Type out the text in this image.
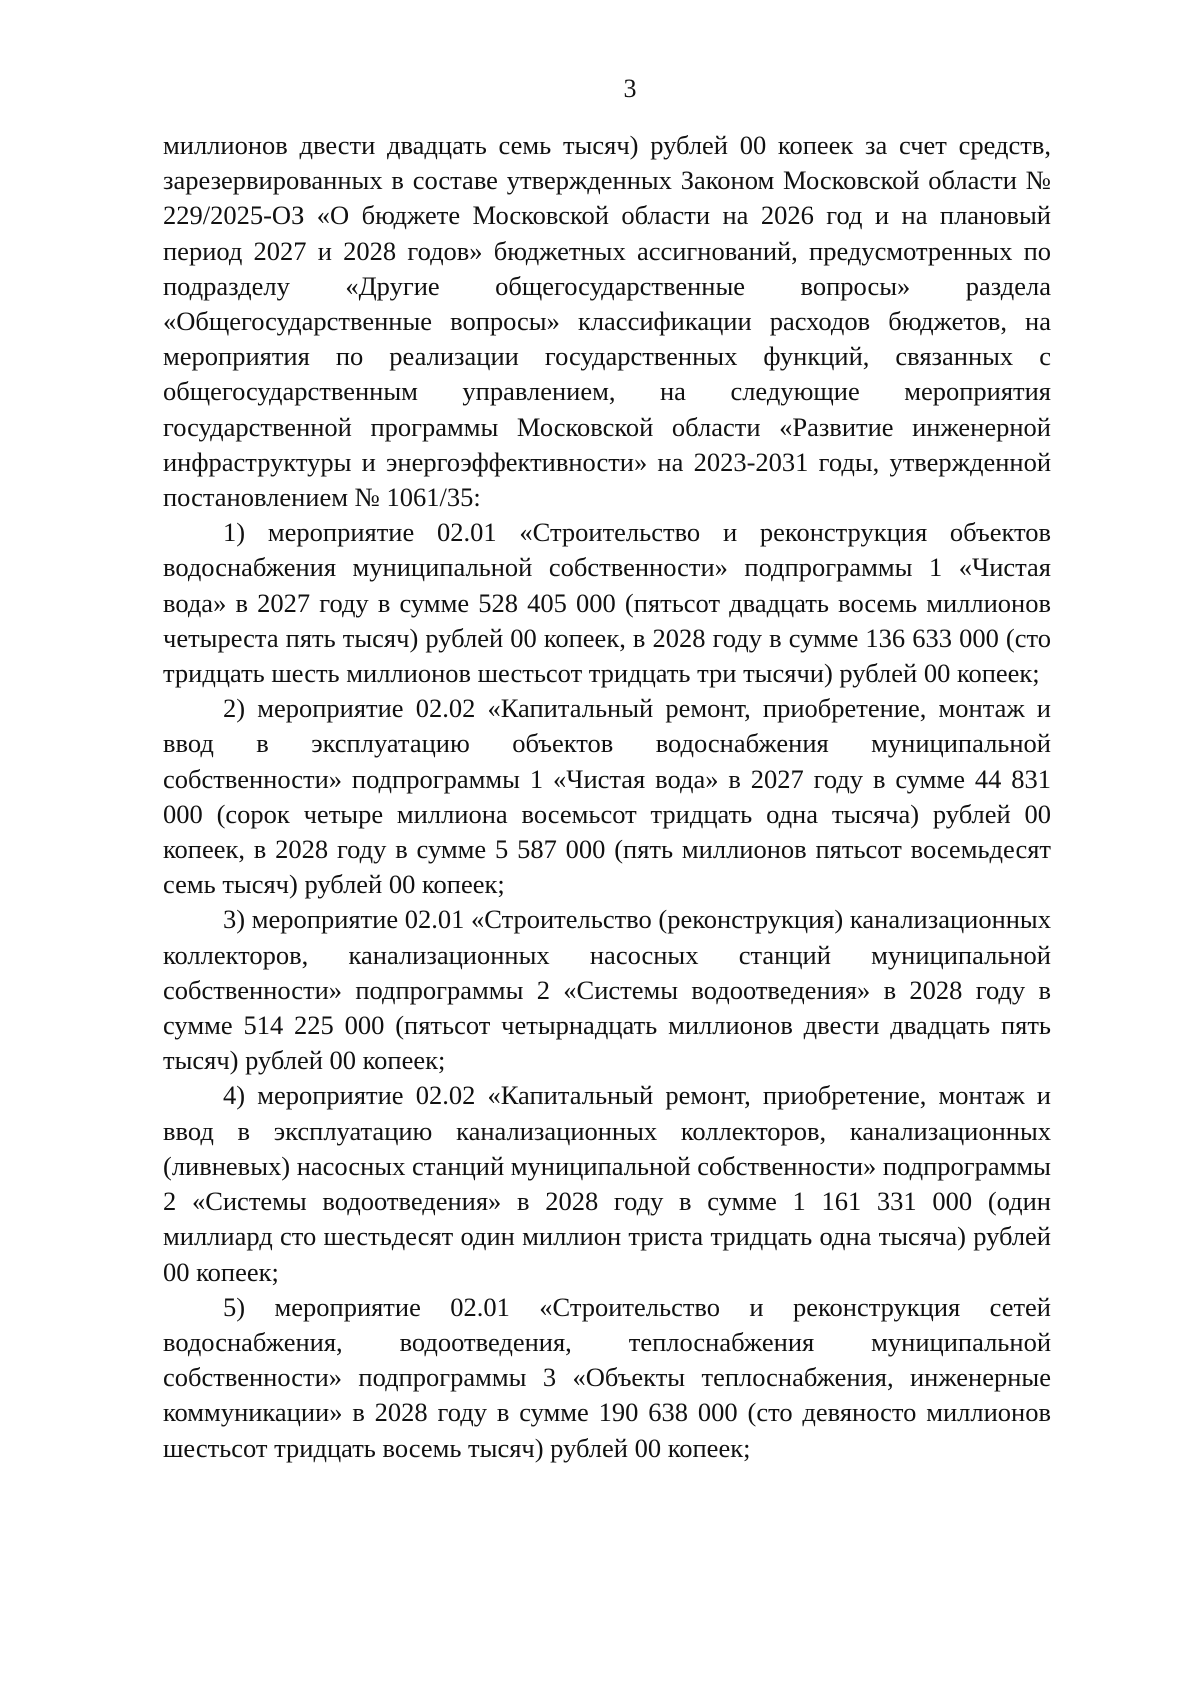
3

миллионов двести двадцать семь тысяч) рублей 00 копеек за счет средств, зарезервированных в составе утвержденных Законом Московской области № 229/2025-ОЗ «О бюджете Московской области на 2026 год и на плановый период 2027 и 2028 годов» бюджетных ассигнований, предусмотренных по подразделу «Другие общегосударственные вопросы» раздела «Общегосударственные вопросы» классификации расходов бюджетов, на мероприятия по реализации государственных функций, связанных с общегосударственным управлением, на следующие мероприятия государственной программы Московской области «Развитие инженерной инфраструктуры и энергоэффективности» на 2023-2031 годы, утвержденной постановлением № 1061/35:

1) мероприятие 02.01 «Строительство и реконструкция объектов водоснабжения муниципальной собственности» подпрограммы 1 «Чистая вода» в 2027 году в сумме 528 405 000 (пятьсот двадцать восемь миллионов четыреста пять тысяч) рублей 00 копеек, в 2028 году в сумме 136 633 000 (сто тридцать шесть миллионов шестьсот тридцать три тысячи) рублей 00 копеек;

2) мероприятие 02.02 «Капитальный ремонт, приобретение, монтаж и ввод в эксплуатацию объектов водоснабжения муниципальной собственности» подпрограммы 1 «Чистая вода» в 2027 году в сумме 44 831 000 (сорок четыре миллиона восемьсот тридцать одна тысяча) рублей 00 копеек, в 2028 году в сумме 5 587 000 (пять миллионов пятьсот восемьдесят семь тысяч) рублей 00 копеек;

3) мероприятие 02.01 «Строительство (реконструкция) канализационных коллекторов, канализационных насосных станций муниципальной собственности» подпрограммы 2 «Системы водоотведения» в 2028 году в сумме 514 225 000 (пятьсот четырнадцать миллионов двести двадцать пять тысяч) рублей 00 копеек;

4) мероприятие 02.02 «Капитальный ремонт, приобретение, монтаж и ввод в эксплуатацию канализационных коллекторов, канализационных (ливневых) насосных станций муниципальной собственности» подпрограммы 2 «Системы водоотведения» в 2028 году в сумме 1 161 331 000 (один миллиард сто шестьдесят один миллион триста тридцать одна тысяча) рублей 00 копеек;

5) мероприятие 02.01 «Строительство и реконструкция сетей водоснабжения, водоотведения, теплоснабжения муниципальной собственности» подпрограммы 3 «Объекты теплоснабжения, инженерные коммуникации» в 2028 году в сумме 190 638 000 (сто девяносто миллионов шестьсот тридцать восемь тысяч) рублей 00 копеек;
